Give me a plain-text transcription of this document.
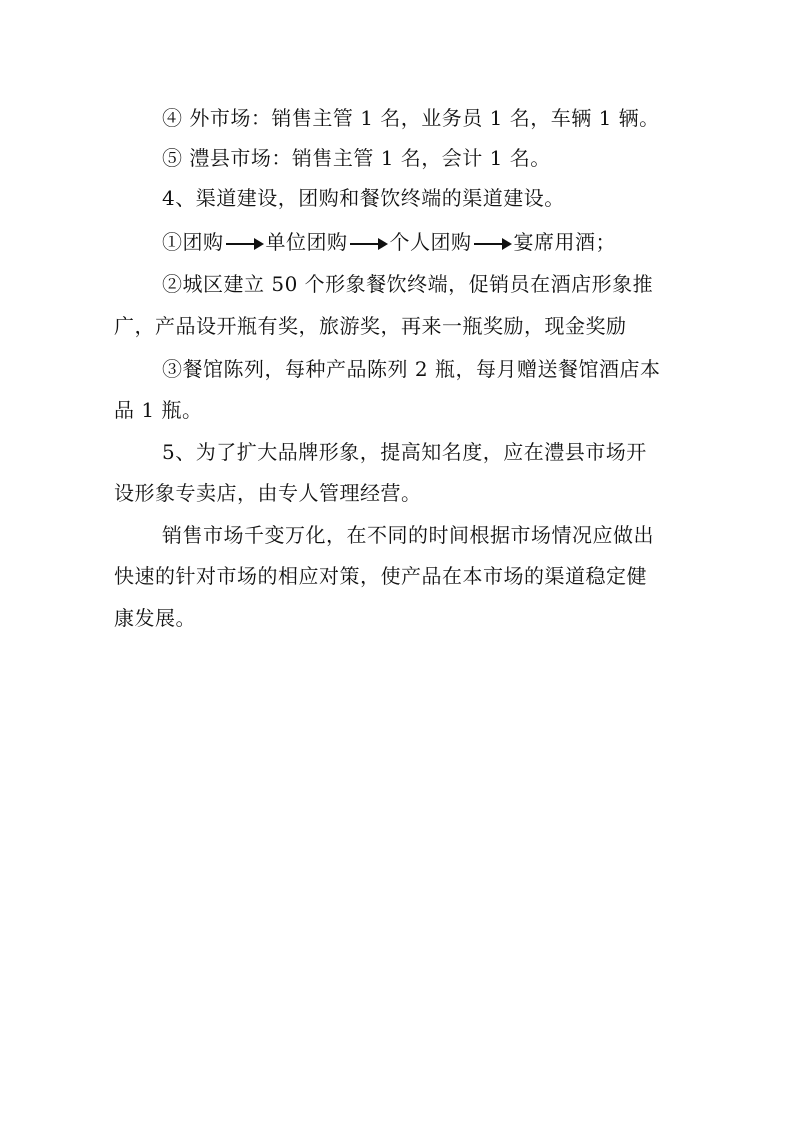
④ 外市场：销售主管 1 名，业务员 1 名，车辆 1 辆。
⑤ 澧县市场：销售主管 1 名，会计 1 名。
4、渠道建设，团购和餐饮终端的渠道建设。
①团购 单位团购 个人团购 宴席用酒；
②城区建立 50 个形象餐饮终端，促销员在酒店形象推
广，产品设开瓶有奖，旅游奖，再来一瓶奖励，现金奖励
③餐馆陈列，每种产品陈列 2 瓶，每月赠送餐馆酒店本
品 1 瓶。
5、为了扩大品牌形象，提高知名度，应在澧县市场开
设形象专卖店，由专人管理经营。
销售市场千变万化，在不同的时间根据市场情况应做出
快速的针对市场的相应对策，使产品在本市场的渠道稳定健
康发展。
